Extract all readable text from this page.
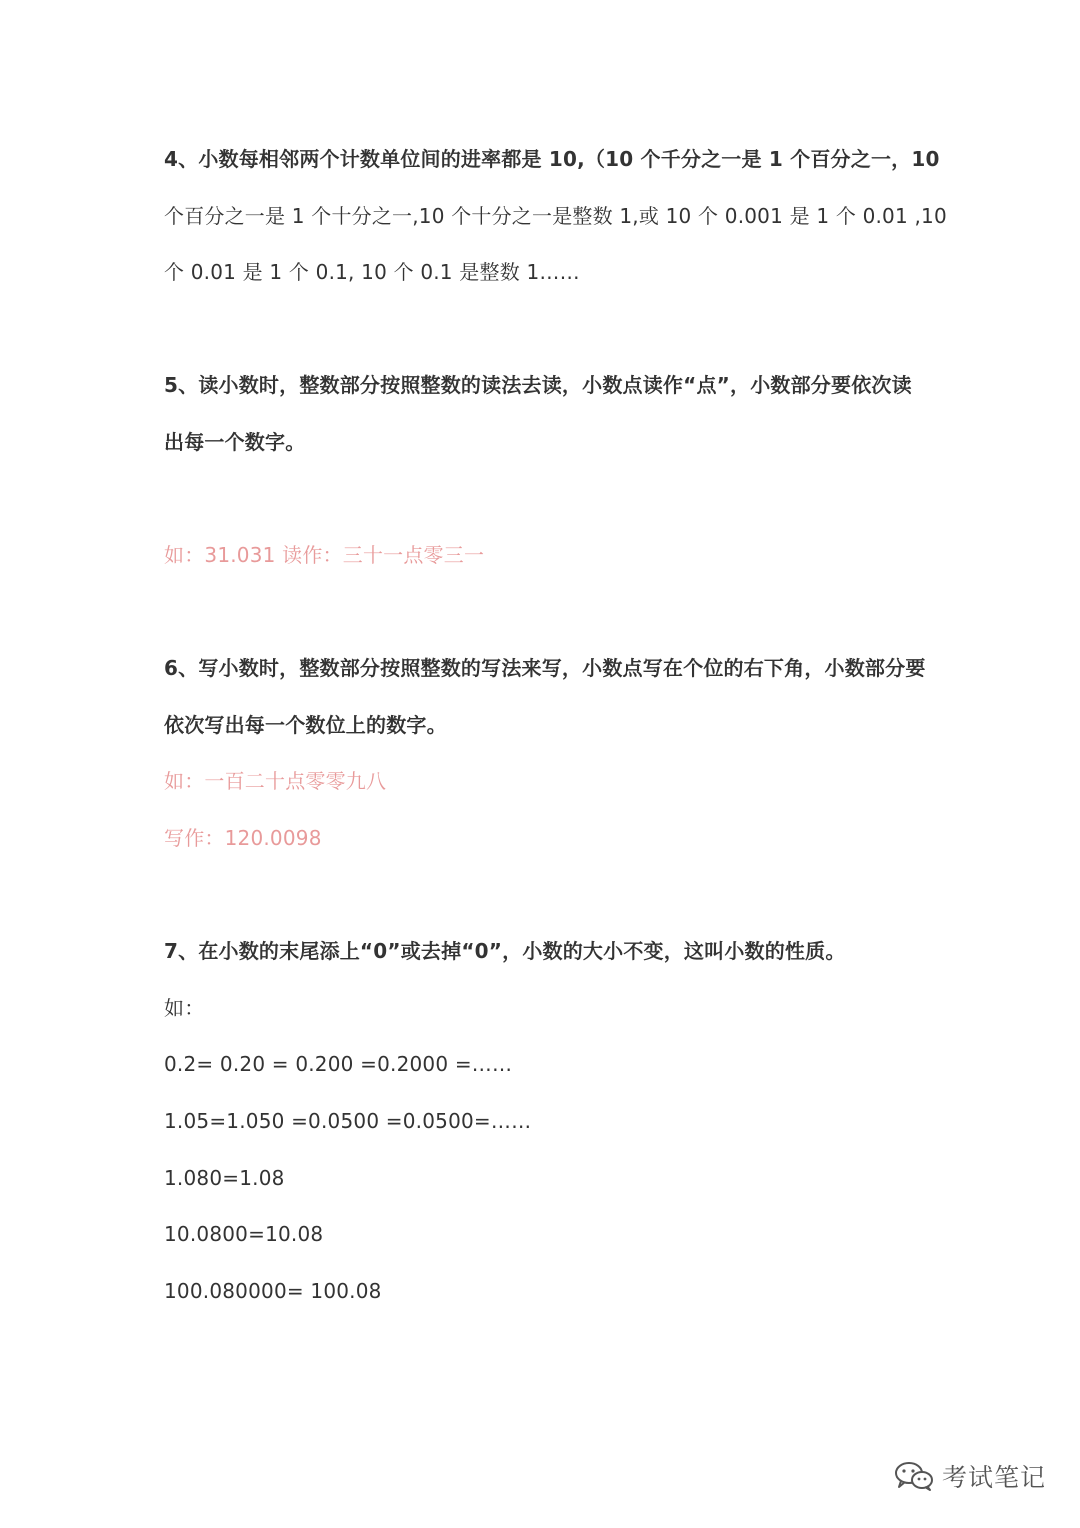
4、小数每相邻两个计数单位间的进率都是 10,（10 个千分之一是 1 个百分之一，10

个百分之一是 1 个十分之一,10 个十分之一是整数 1,或 10 个 0.001 是 1 个 0.01 ,10

个 0.01 是 1 个 0.1, 10 个 0.1 是整数 1……

5、读小数时，整数部分按照整数的读法去读，小数点读作“点”，小数部分要依次读

出每一个数字。

如：31.031 读作：三十一点零三一

6、写小数时，整数部分按照整数的写法来写，小数点写在个位的右下角，小数部分要

依次写出每一个数位上的数字。

如：一百二十点零零九八

写作：120.0098

7、在小数的末尾添上“0”或去掉“0”，小数的大小不变，这叫小数的性质。

如：

0.2= 0.20 = 0.200 =0.2000 =……

1.05=1.050 =0.0500 =0.0500=……

1.080=1.08

10.0800=10.08

100.080000= 100.08

考试笔记
